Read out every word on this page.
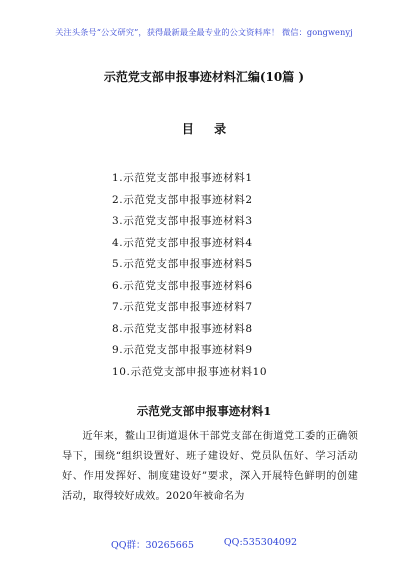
关注头条号“公文研究”，获得最新最全最专业的公文资料库！ 微信：gongwenyj
示范党支部申报事迹材料汇编(10篇 )
目 录
1.示范党支部申报事迹材料1
2.示范党支部申报事迹材料2
3.示范党支部申报事迹材料3
4.示范党支部申报事迹材料4
5.示范党支部申报事迹材料5
6.示范党支部申报事迹材料6
7.示范党支部申报事迹材料7
8.示范党支部申报事迹材料8
9.示范党支部申报事迹材料9
10.示范党支部申报事迹材料10
示范党支部申报事迹材料1

近年来，鳌山卫街道退休干部党支部在街道党工委的正确领导下，围绕“组织设置好、班子建设好、党员队伍好、学习活动好、作用发挥好、制度建设好”要求，深入开展特色鲜明的创建活动，取得较好成效。2020年被命名为

QQ群：30265665	QQ:535304092
